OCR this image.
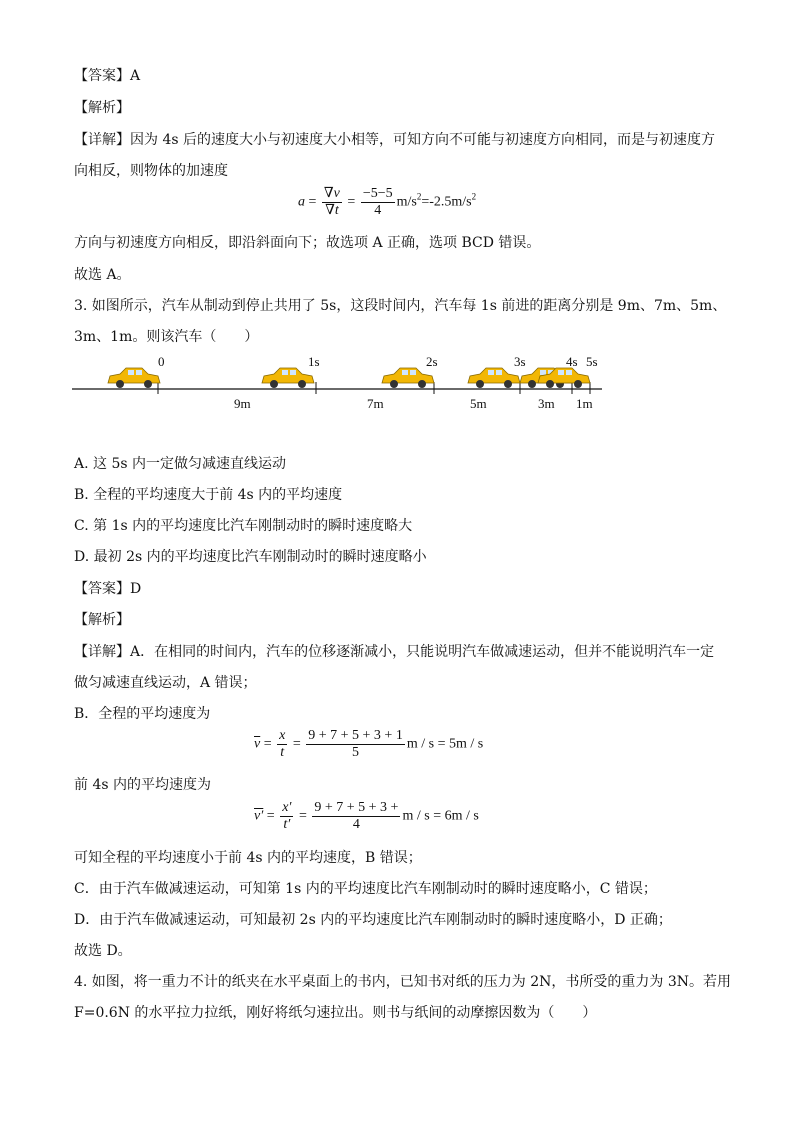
【答案】A
【解析】
【详解】因为 4s 后的速度大小与初速度大小相等，可知方向不可能与初速度方向相同，而是与初速度方
向相反，则物体的加速度
$a = \frac{\nabla v}{\nabla t} = \frac{-5-5}{4} m/s^2=-2.5m/s^2$
方向与初速度方向相反，即沿斜面向下；故选项 A 正确，选项 BCD 错误。
故选 A。
3. 如图所示，汽车从制动到停止共用了 5s，这段时间内，汽车每 1s 前进的距离分别是 9m、7m、5m、
3m、1m。则该汽车（　　）
0	1s	2s	3s	4s 5s
9m	7m	5m	3m 1m
A. 这 5s 内一定做匀减速直线运动
B. 全程的平均速度大于前 4s 内的平均速度
C. 第 1s 内的平均速度比汽车刚制动时的瞬时速度略大
D. 最初 2s 内的平均速度比汽车刚制动时的瞬时速度略小
【答案】D
【解析】
【详解】A．在相同的时间内，汽车的位移逐渐减小，只能说明汽车做减速运动，但并不能说明汽车一定
做匀减速直线运动，A 错误；
B．全程的平均速度为
$\overline{v} = \frac{x}{t} = \frac{9 + 7 + 5 + 3 + 1}{5}$ m / s = 5m / s
前 4s 内的平均速度为
$v' = \frac{x'}{t'} = \frac{9 + 7 + 5 + 3 +}{4}$ m / s = 6m / s
可知全程的平均速度小于前 4s 内的平均速度，B 错误；
C．由于汽车做减速运动，可知第 1s 内的平均速度比汽车刚制动时的瞬时速度略小，C 错误；
D．由于汽车做减速运动，可知最初 2s 内的平均速度比汽车刚制动时的瞬时速度略小，D 正确；
故选 D。
4. 如图，将一重力不计的纸夹在水平桌面上的书内，已知书对纸的压力为 2N，书所受的重力为 3N。若用
F=0.6N 的水平拉力拉纸，刚好将纸匀速拉出。则书与纸间的动摩擦因数为（　　）
